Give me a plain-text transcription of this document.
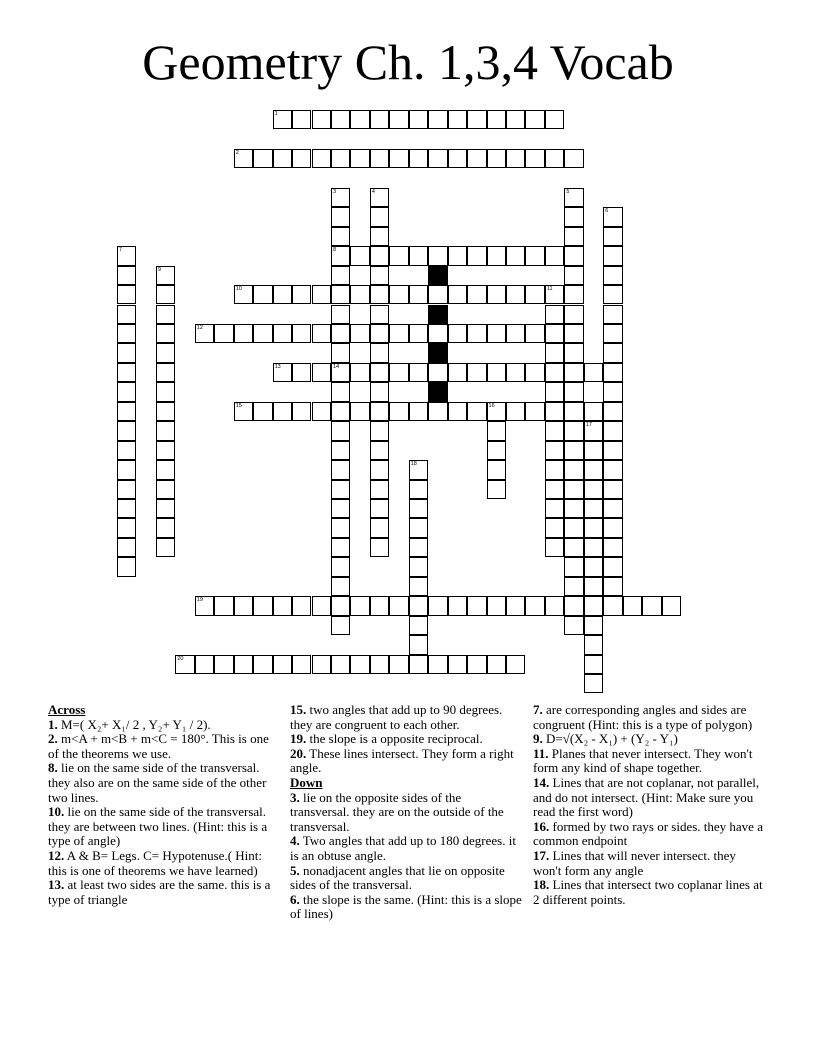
Geometry Ch. 1,3,4 Vocab
1
2
3
8
14
4	5
6
7
9
10	11
12
13
15	16
17
18
19
20
Across

1. M=( X₂+ X₁/ 2 , Y₂+ Y₁ / 2).

2. m<A + m<B + m<C = 180°. This is one of the theorems we use.

8. lie on the same side of the transversal. they also are on the same side of the other two lines.

10. lie on the same side of the transversal. they are between two lines. (Hint: this is a type of angle)

12. A & B= Legs. C= Hypotenuse.( Hint: this is one of theorems we have learned)

13. at least two sides are the same. this is a type of triangle

15. two angles that add up to 90 degrees. they are congruent to each other.

19. the slope is a opposite reciprocal.

20. These lines intersect. They form a right angle.

Down

3. lie on the opposite sides of the transversal. they are on the outside of the transversal.

4. Two angles that add up to 180 degrees. it is an obtuse angle.

5. nonadjacent angles that lie on opposite sides of the transversal.

6. the slope is the same. (Hint: this is a slope of lines)

7. are corresponding angles and sides are congruent (Hint: this is a type of polygon)

9. D=√(X₂ - X₁) + (Y₂ - Y₁)

11. Planes that never intersect. They won't form any kind of shape together.

14. Lines that are not coplanar, not parallel, and do not intersect. (Hint: Make sure you read the first word)

16. formed by two rays or sides. they have a common endpoint

17. Lines that will never intersect. they won't form any angle

18. Lines that intersect two coplanar lines at 2 different points.
